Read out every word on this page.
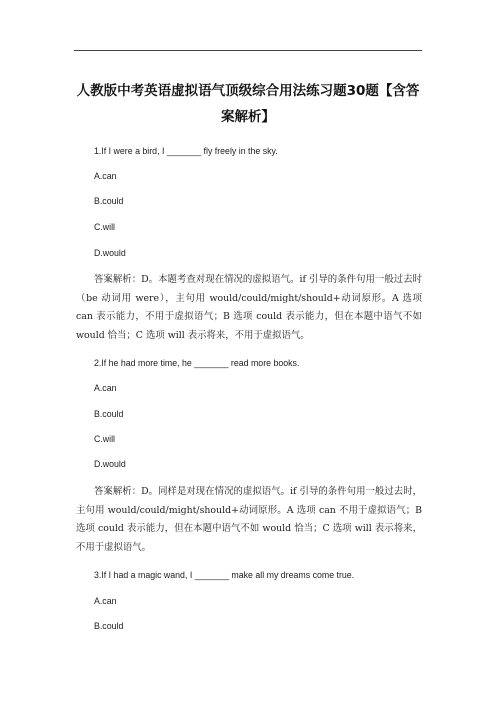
人教版中考英语虚拟语气顶级综合用法练习题30题【含答案解析】
1.If I were a bird, I _______ fly freely in the sky.
A.can
B.could
C.will
D.would
答案解析：D。本题考查对现在情况的虚拟语气。if 引导的条件句用一般过去时（be 动词用 were），主句用 would/could/might/should+动词原形。A 选项 can 表示能力，不用于虚拟语气；B 选项 could 表示能力，但在本题中语气不如 would 恰当；C 选项 will 表示将来，不用于虚拟语气。
2.If he had more time, he _______ read more books.
A.can
B.could
C.will
D.would
答案解析：D。同样是对现在情况的虚拟语气。if 引导的条件句用一般过去时，主句用 would/could/might/should+动词原形。A 选项 can 不用于虚拟语气；B 选项 could 表示能力，但在本题中语气不如 would 恰当；C 选项 will 表示将来，不用于虚拟语气。
3.If I had a magic wand, I _______ make all my dreams come true.
A.can
B.could
